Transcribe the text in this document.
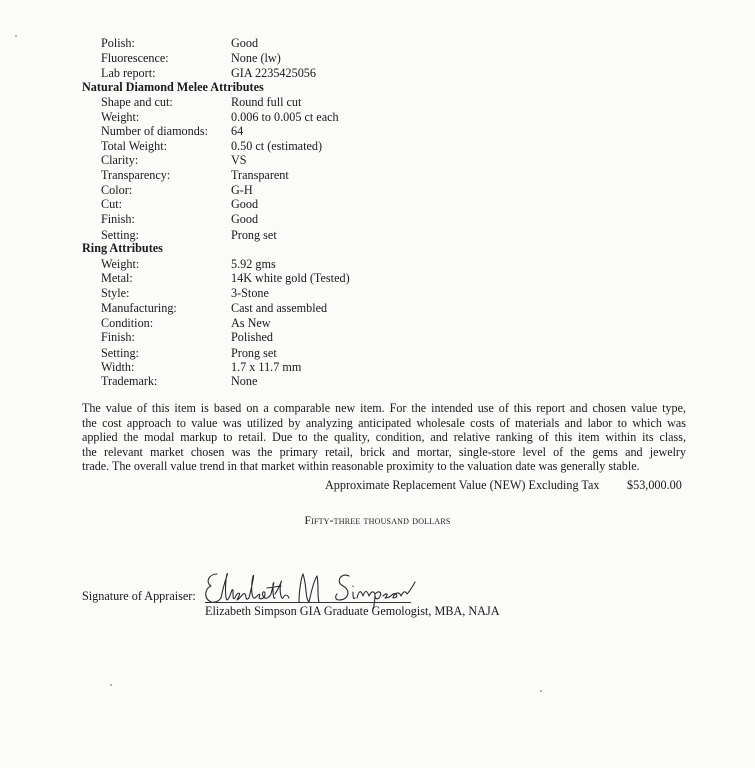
Polish:	Good
Fluorescence:	None (lw)
Lab report:	GIA 2235425056
Natural Diamond Melee Attributes
Shape and cut:	Round full cut
Weight:	0.006 to 0.005 ct each
Number of diamonds: 64
Total Weight:	0.50 ct (estimated)
Clarity:	VS
Transparency:	Transparent
Color:	G-H
Cut:	Good
Finish:	Good
Setting:	Prong set
Ring Attributes
Weight:	5.92 gms
Metal:	14K white gold (Tested)
Style:	3-Stone
Manufacturing:	Cast and assembled
Condition:	As New
Finish:	Polished
Setting:	Prong set
Width:	1.7 x 11.7 mm
Trademark:	None
The value of this item is based on a comparable new item. For the intended use of this report and chosen value type,
the cost approach to value was utilized by analyzing anticipated wholesale costs of materials and labor to which was
applied the modal markup to retail. Due to the quality, condition, and relative ranking of this item within its class,
the relevant market chosen was the primary retail, brick and mortar, single-store level of the gems and jewelry
trade. The overall value trend in that market within reasonable proximity to the valuation date was generally stable.
Approximate Replacement Value (NEW) Excluding Tax $53,000.00
Fifty-three thousand dollars
Signature of Appraiser:
Elizabeth Simpson GIA Graduate Gemologist, MBA, NAJA
